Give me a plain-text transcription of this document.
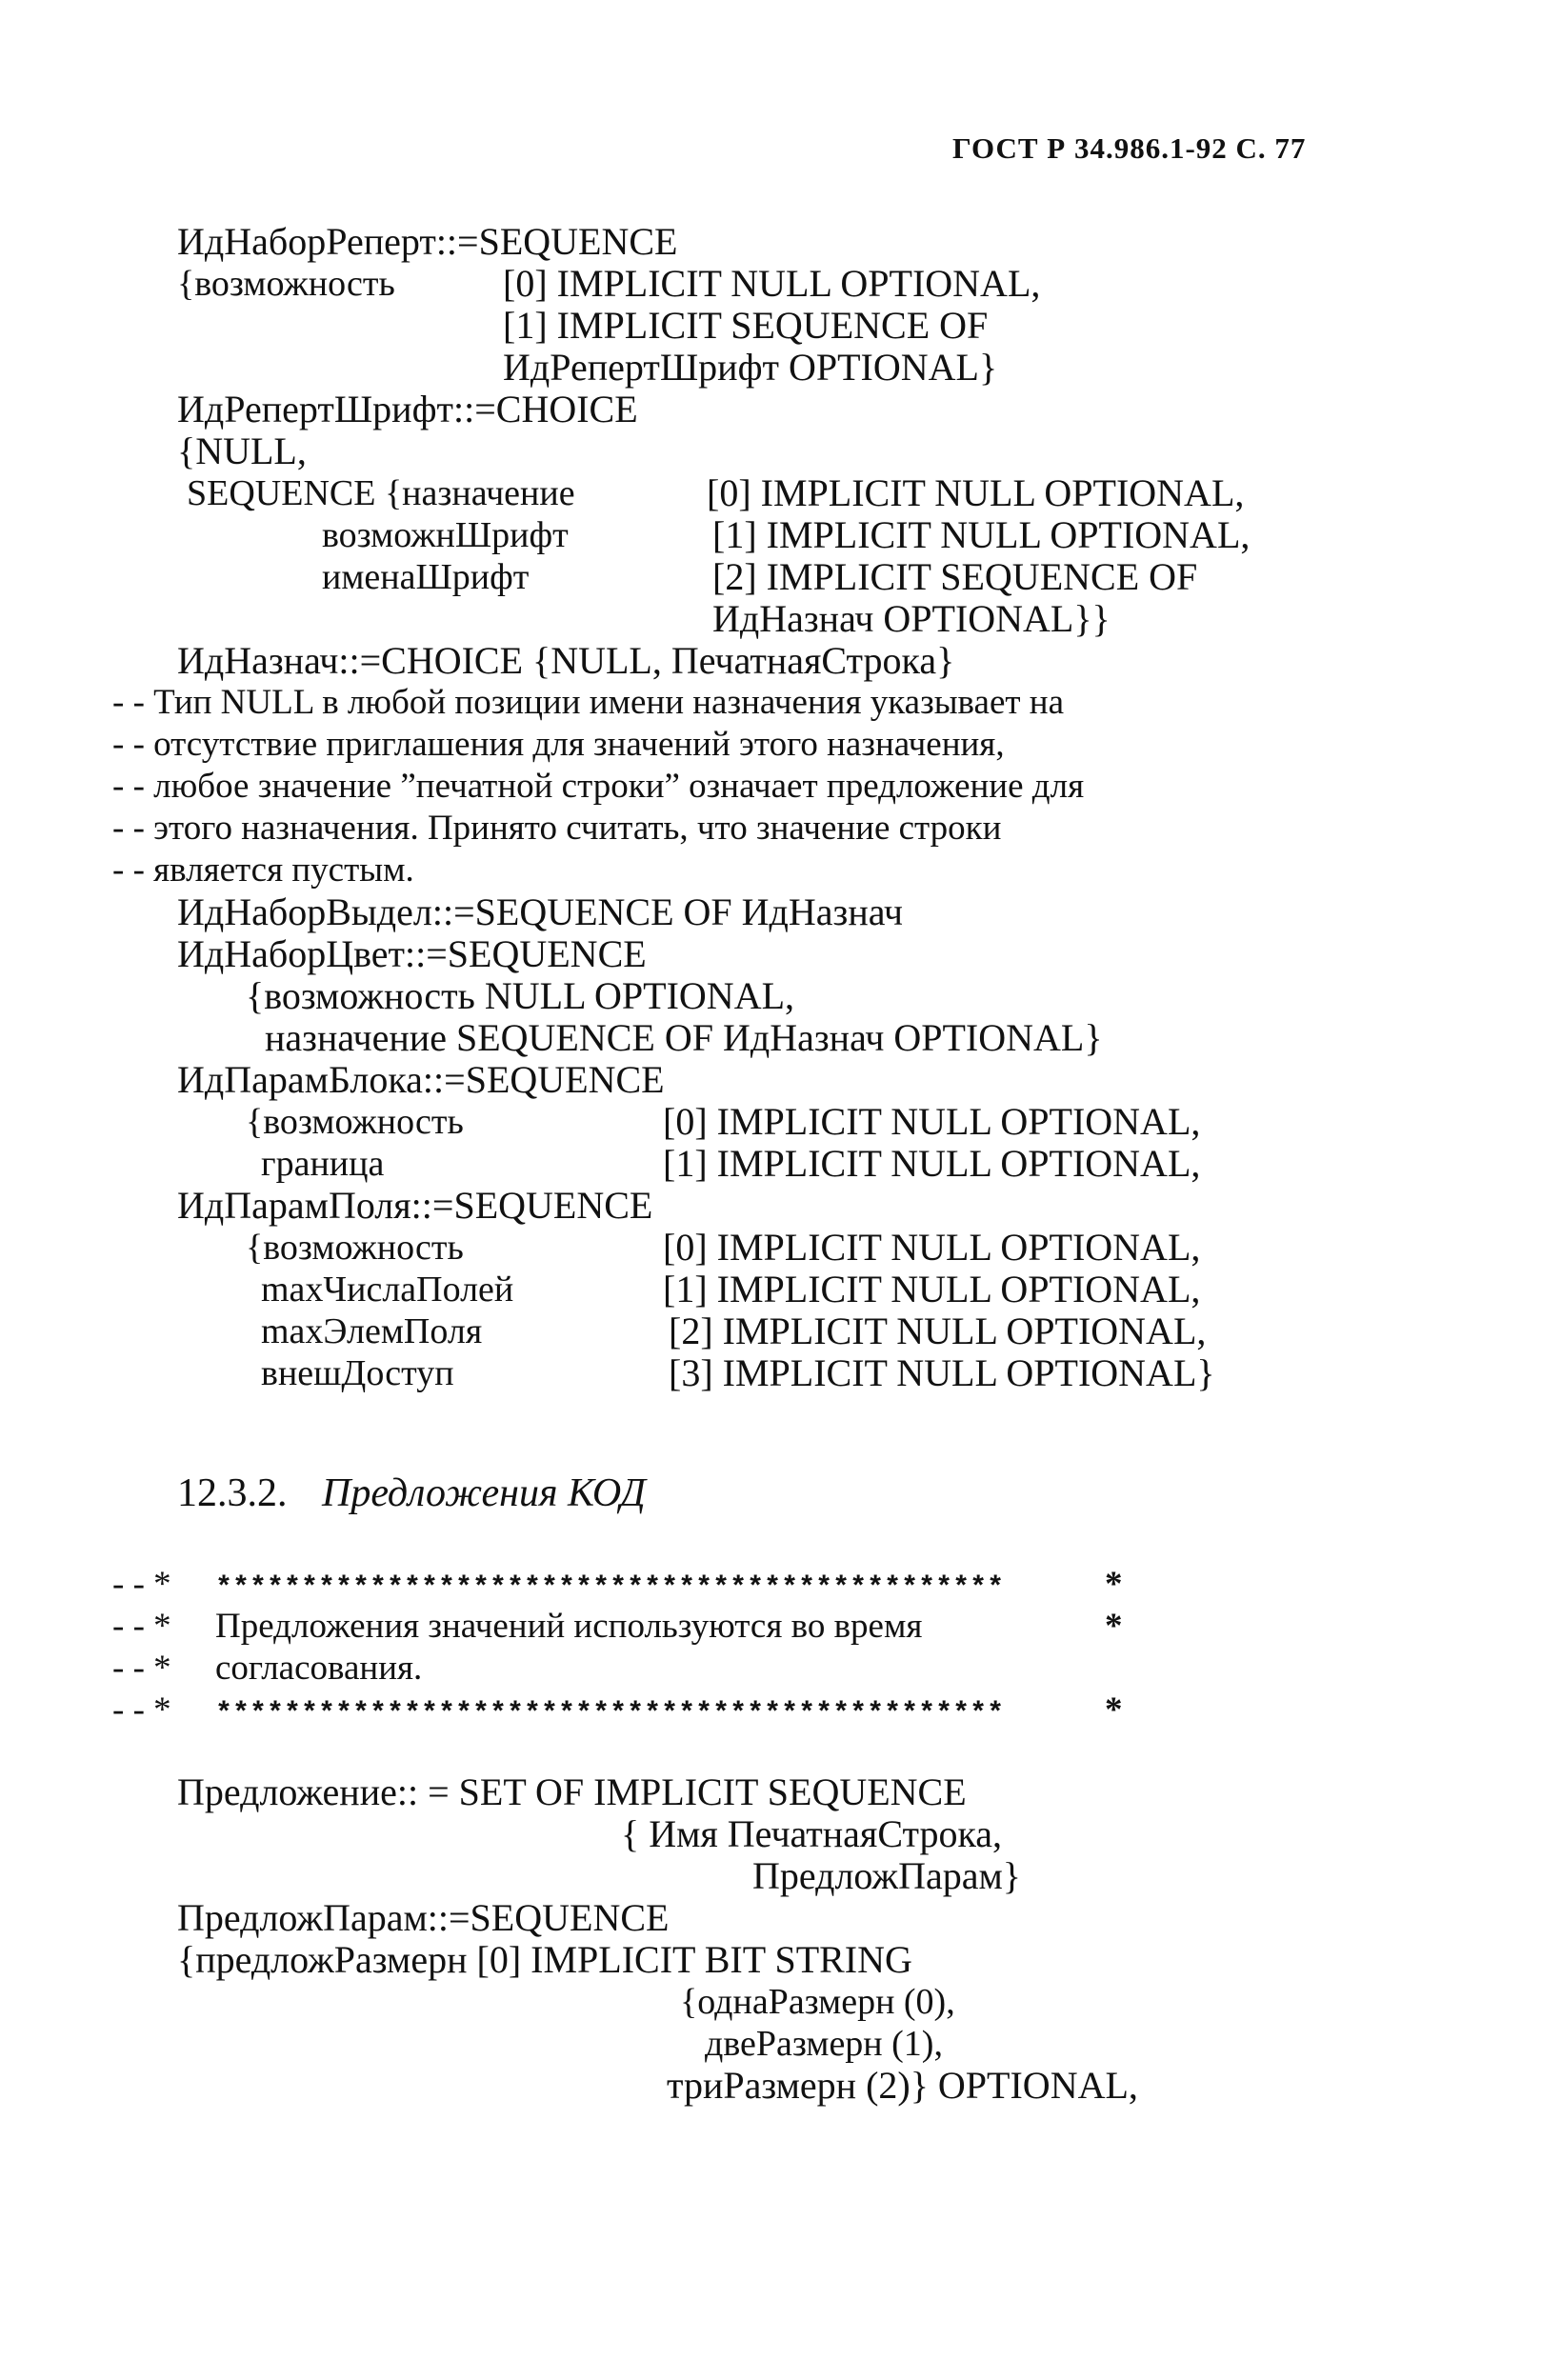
ГОСТ Р 34.986.1-92 С. 77
ИдНаборРеперт::=SEQUENCE
{возможность	[0] IMPLICIT NULL OPTIONAL,
[1] IMPLICIT SEQUENCE OF
ИдРепертШрифт OPTIONAL}
ИдРепертШрифт::=CHOICE
{NULL,
SEQUENCE {назначение	[0] IMPLICIT NULL OPTIONAL,
возможнШрифт	[1] IMPLICIT NULL OPTIONAL,
именаШрифт	[2] IMPLICIT SEQUENCE OF
ИдНазнач OPTIONAL}}
ИдНазнач::=CHOICE {NULL, ПечатнаяСтрока}
- - Тип NULL в любой позиции имени назначения указывает на
- - отсутствие приглашения для значений этого назначения,
- - любое значение ”печатной строки” означает предложение для
- - этого назначения. Принято считать, что значение строки
- - является пустым.
ИдНаборВыдел::=SEQUENCE OF ИдНазнач
ИдНаборЦвет::=SEQUENCE
{возможность NULL OPTIONAL,
назначение SEQUENCE OF ИдНазнач OPTIONAL}
ИдПарамБлока::=SEQUENCE
{возможность	[0] IMPLICIT NULL OPTIONAL,
граница	[1] IMPLICIT NULL OPTIONAL,
ИдПарамПоля::=SEQUENCE
{возможность	[0] IMPLICIT NULL OPTIONAL,
maxЧислаПолей	[1] IMPLICIT NULL OPTIONAL,
maxЭлемПоля	[2] IMPLICIT NULL OPTIONAL,
внешДоступ	[3] IMPLICIT NULL OPTIONAL}
12.3.2. Предложения КОД
- - * **********************************************	*
- - * Предложения значений используются во время	*
- - * согласования.
- - * **********************************************	*
Предложение:: = SET OF IMPLICIT SEQUENCE
{ Имя ПечатнаяСтрока,
ПредложПарам}
ПредложПарам::=SEQUENCE
{предложРазмерн [0] IMPLICIT BIT STRING
{однаРазмерн (0),
двеРазмерн (1),
триРазмерн (2)} OPTIONAL,
